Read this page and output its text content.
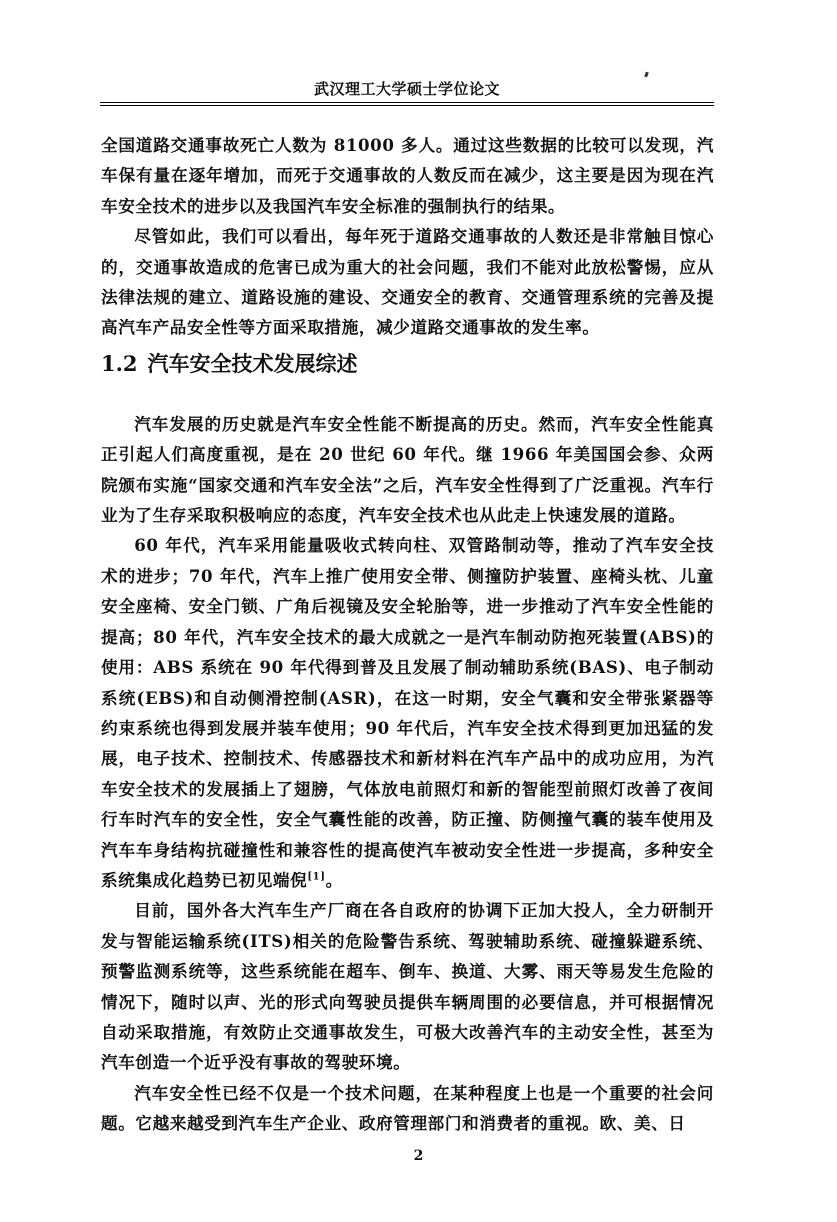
武汉理工大学硕士学位论文

全国道路交通事故死亡人数为 81000 多人。通过这些数据的比较可以发现，汽车保有量在逐年增加，而死于交通事故的人数反而在减少，这主要是因为现在汽车安全技术的进步以及我国汽车安全标准的强制执行的结果。

尽管如此，我们可以看出，每年死于道路交通事故的人数还是非常触目惊心的，交通事故造成的危害已成为重大的社会问题，我们不能对此放松警惕，应从法律法规的建立、道路设施的建设、交通安全的教育、交通管理系统的完善及提高汽车产品安全性等方面采取措施，减少道路交通事故的发生率。

1.2 汽车安全技术发展综述

汽车发展的历史就是汽车安全性能不断提高的历史。然而，汽车安全性能真正引起人们高度重视，是在 20 世纪 60 年代。继 1966 年美国国会参、众两院颁布实施“国家交通和汽车安全法”之后，汽车安全性得到了广泛重视。汽车行业为了生存采取积极响应的态度，汽车安全技术也从此走上快速发展的道路。

60 年代，汽车采用能量吸收式转向柱、双管路制动等，推动了汽车安全技术的进步；70 年代，汽车上推广使用安全带、侧撞防护装置、座椅头枕、儿童安全座椅、安全门锁、广角后视镜及安全轮胎等，进一步推动了汽车安全性能的提高；80 年代，汽车安全技术的最大成就之一是汽车制动防抱死装置(ABS)的使用：ABS 系统在 90 年代得到普及且发展了制动辅助系统(BAS)、电子制动系统(EBS)和自动侧滑控制(ASR)，在这一时期，安全气囊和安全带张紧器等约束系统也得到发展并装车使用；90 年代后，汽车安全技术得到更加迅猛的发展，电子技术、控制技术、传感器技术和新材料在汽车产品中的成功应用，为汽车安全技术的发展插上了翅膀，气体放电前照灯和新的智能型前照灯改善了夜间行车时汽车的安全性，安全气囊性能的改善，防正撞、防侧撞气囊的装车使用及汽车车身结构抗碰撞性和兼容性的提高使汽车被动安全性进一步提高，多种安全系统集成化趋势已初见端倪[1]。

目前，国外各大汽车生产厂商在各自政府的协调下正加大投人，全力研制开发与智能运输系统(ITS)相关的危险警告系统、驾驶辅助系统、碰撞躲避系统、预警监测系统等，这些系统能在超车、倒车、换道、大雾、雨天等易发生危险的情况下，随时以声、光的形式向驾驶员提供车辆周围的必要信息，并可根据情况自动采取措施，有效防止交通事故发生，可极大改善汽车的主动安全性，甚至为汽车创造一个近乎没有事故的驾驶环境。

汽车安全性已经不仅是一个技术问题，在某种程度上也是一个重要的社会问题。它越来越受到汽车生产企业、政府管理部门和消费者的重视。欧、美、日

2
